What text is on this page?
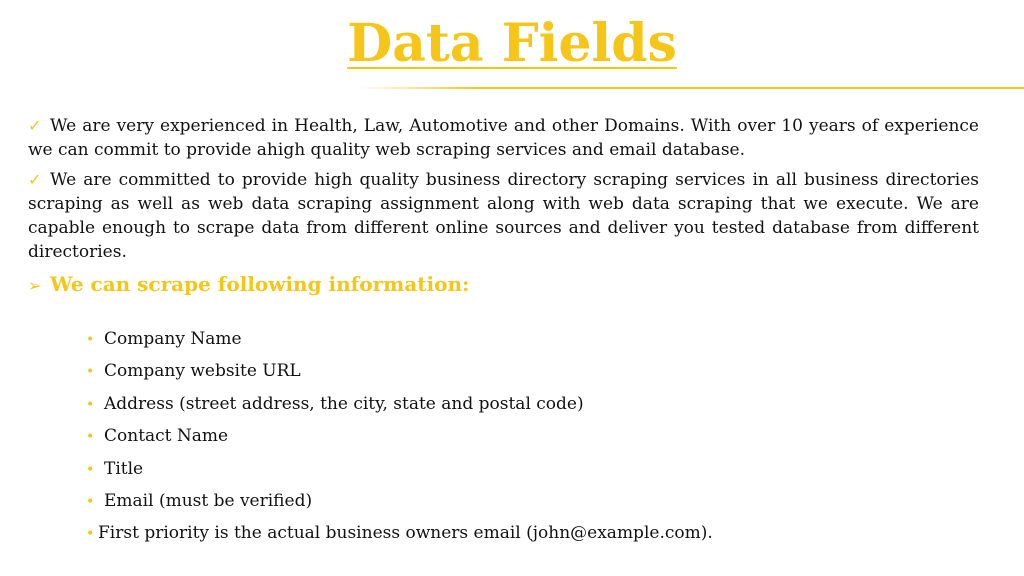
Data Fields

✓ We are very experienced in Health, Law, Automotive and other Domains. With over 10 years of experience we can commit to provide ahigh quality web scraping services and email database.

✓ We are committed to provide high quality business directory scraping services in all business directories scraping as well as web data scraping assignment along with web data scraping that we execute. We are capable enough to scrape data from different online sources and deliver you tested database from different directories.

➢ We can scrape following information:
• Company Name
• Company website URL
• Address (street address, the city, state and postal code)
• Contact Name
• Title
• Email (must be verified)
• First priority is the actual business owners email (john@example.com).
